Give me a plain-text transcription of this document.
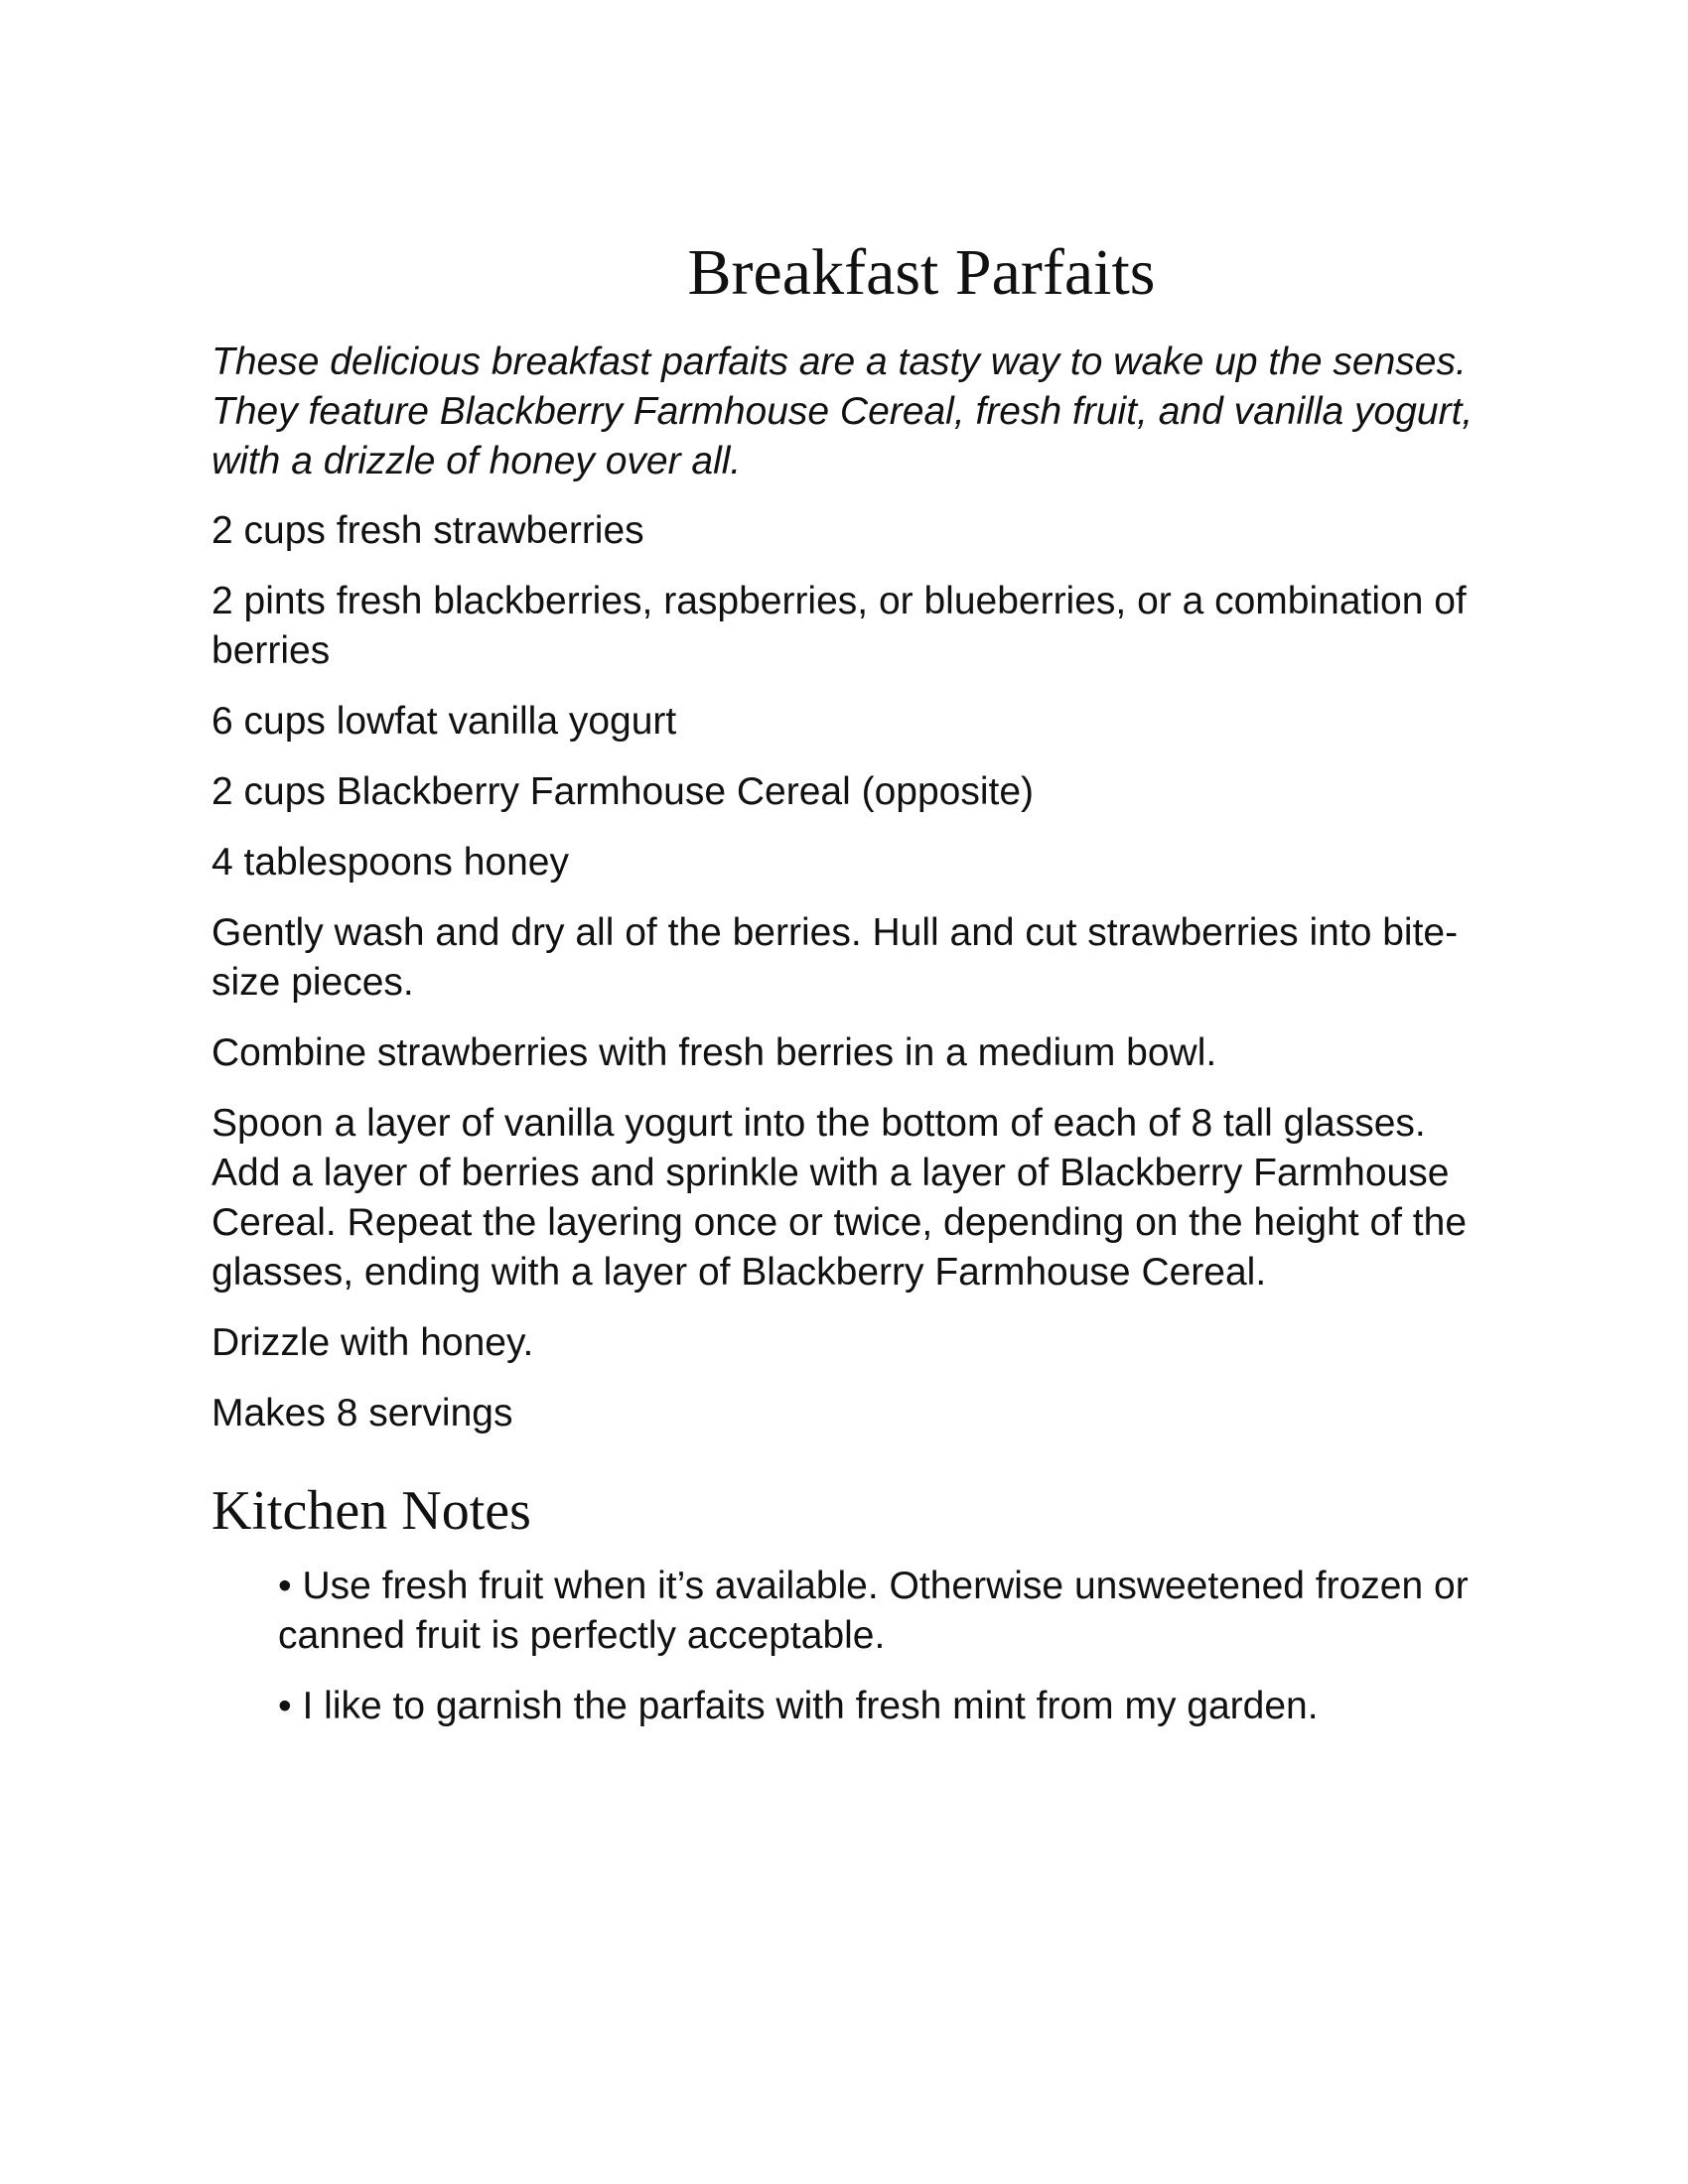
Breakfast Parfaits

These delicious breakfast parfaits are a tasty way to wake up the senses. They feature Blackberry Farmhouse Cereal, fresh fruit, and vanilla yogurt, with a drizzle of honey over all.

2 cups fresh strawberries

2 pints fresh blackberries, raspberries, or blueberries, or a combination of berries

6 cups lowfat vanilla yogurt

2 cups Blackberry Farmhouse Cereal (opposite)

4 tablespoons honey

Gently wash and dry all of the berries. Hull and cut strawberries into bite-size pieces.

Combine strawberries with fresh berries in a medium bowl.

Spoon a layer of vanilla yogurt into the bottom of each of 8 tall glasses. Add a layer of berries and sprinkle with a layer of Blackberry Farmhouse Cereal. Repeat the layering once or twice, depending on the height of the glasses, ending with a layer of Blackberry Farmhouse Cereal.

Drizzle with honey.

Makes 8 servings

Kitchen Notes
• Use fresh fruit when it’s available. Otherwise unsweetened frozen or canned fruit is perfectly acceptable.
• I like to garnish the parfaits with fresh mint from my garden.
